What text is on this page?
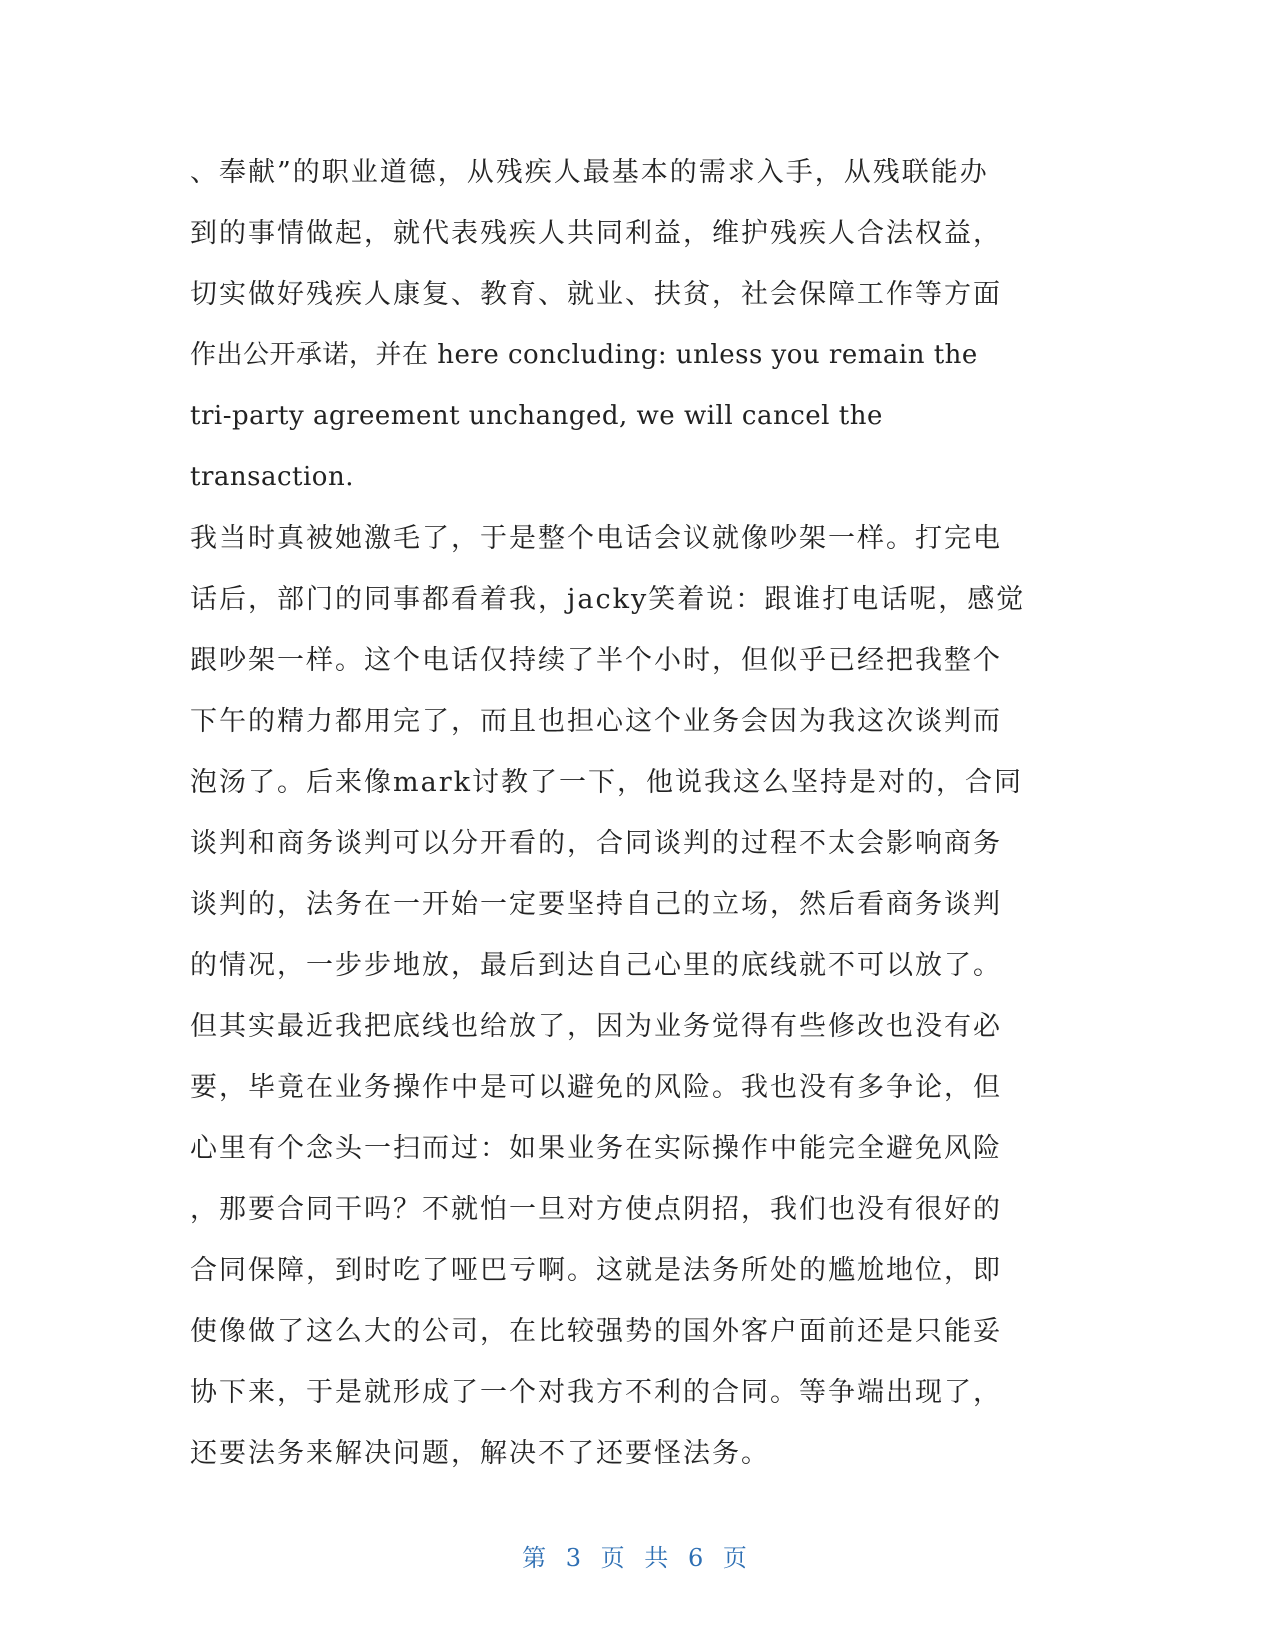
、奉献”的职业道德，从残疾人最基本的需求入手，从残联能办
到的事情做起，就代表残疾人共同利益，维护残疾人合法权益，
切实做好残疾人康复、教育、就业、扶贫，社会保障工作等方面
作出公开承诺，并在 here concluding: unless you remain the
tri-party agreement unchanged, we will cancel the
transaction.
我当时真被她激毛了，于是整个电话会议就像吵架一样。打完电
话后，部门的同事都看着我，jacky笑着说：跟谁打电话呢，感觉
跟吵架一样。这个电话仅持续了半个小时，但似乎已经把我整个
下午的精力都用完了，而且也担心这个业务会因为我这次谈判而
泡汤了。后来像mark讨教了一下，他说我这么坚持是对的，合同
谈判和商务谈判可以分开看的，合同谈判的过程不太会影响商务
谈判的，法务在一开始一定要坚持自己的立场，然后看商务谈判
的情况，一步步地放，最后到达自己心里的底线就不可以放了。
但其实最近我把底线也给放了，因为业务觉得有些修改也没有必
要，毕竟在业务操作中是可以避免的风险。我也没有多争论，但
心里有个念头一扫而过：如果业务在实际操作中能完全避免风险
，那要合同干吗？不就怕一旦对方使点阴招，我们也没有很好的
合同保障，到时吃了哑巴亏啊。这就是法务所处的尴尬地位，即
使像做了这么大的公司，在比较强势的国外客户面前还是只能妥
协下来，于是就形成了一个对我方不利的合同。等争端出现了，
还要法务来解决问题，解决不了还要怪法务。
第 3 页 共 6 页
